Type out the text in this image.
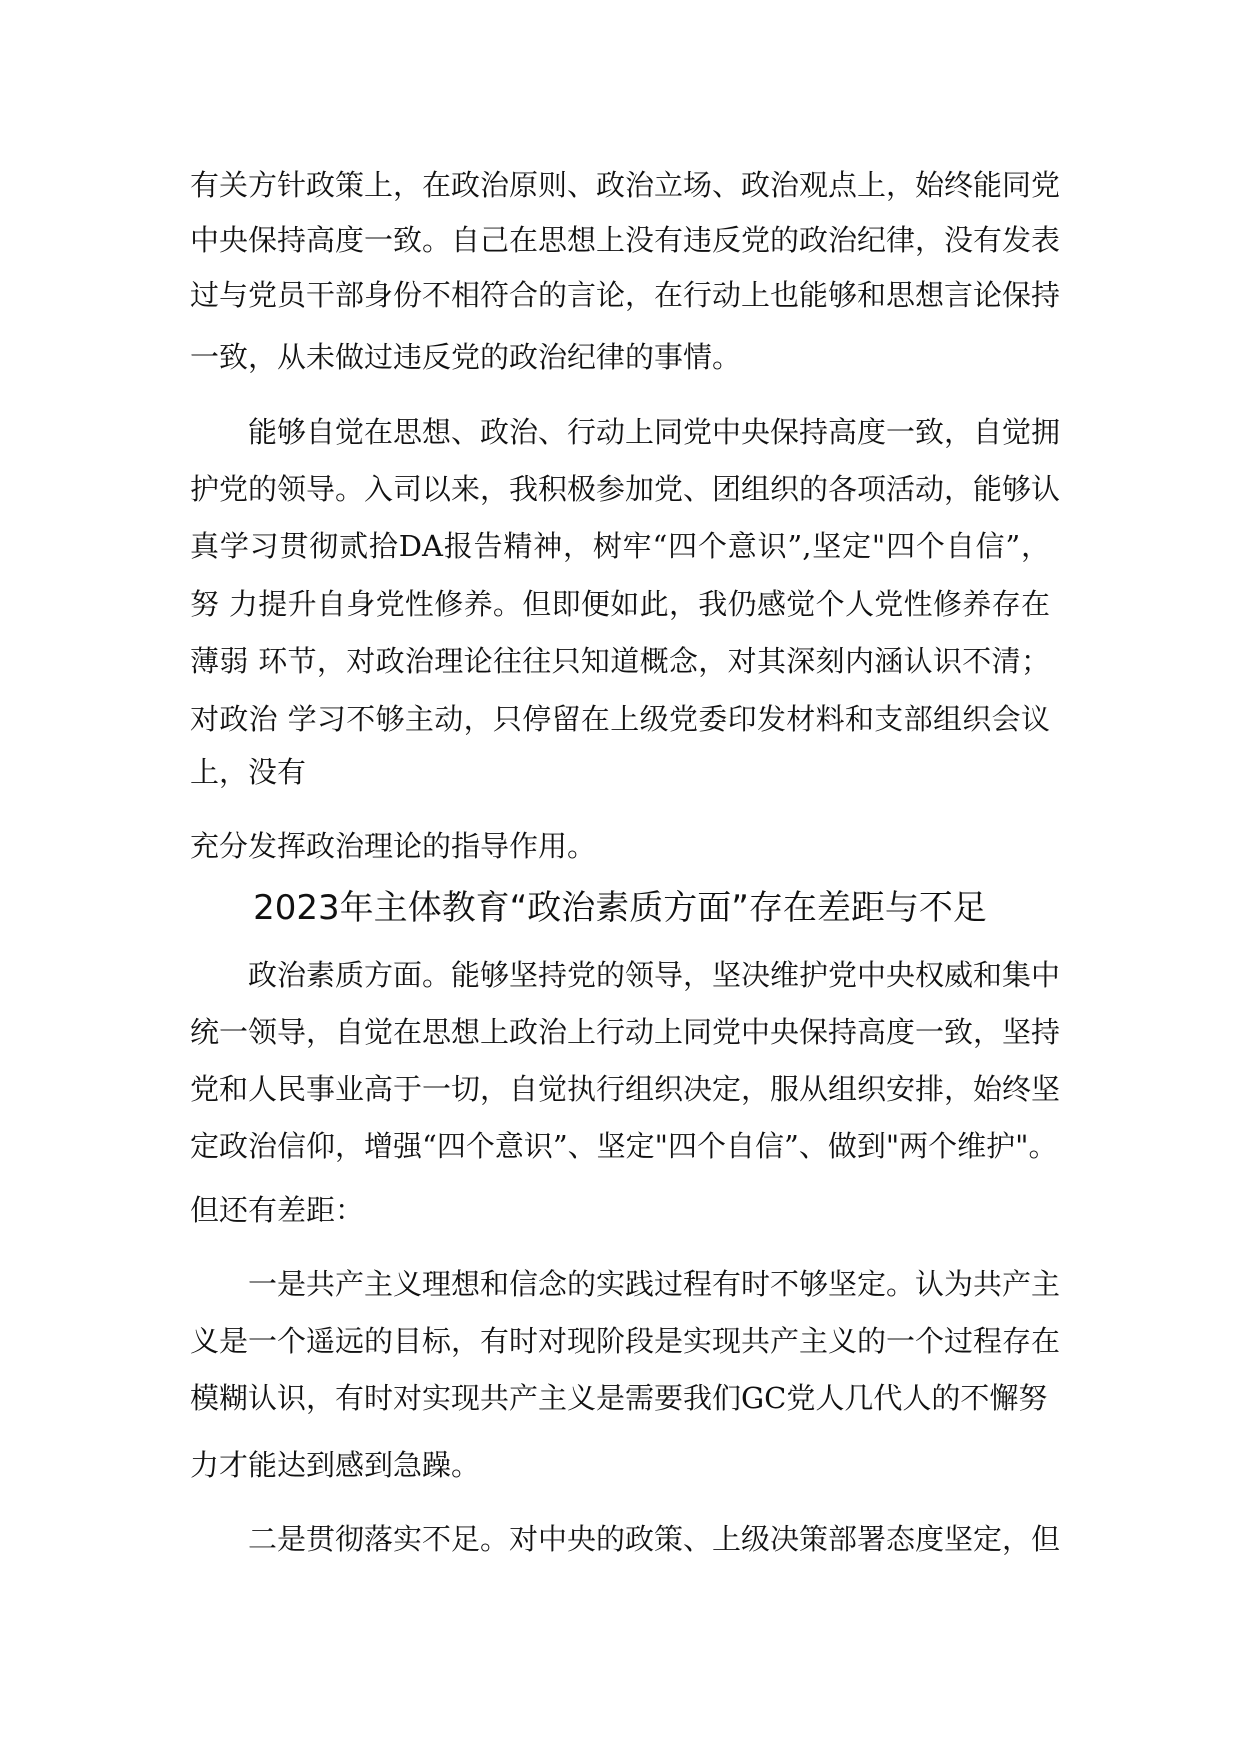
有关方针政策上，在政治原则、政治立场、政治观点上，始终能同党
中央保持高度一致。自己在思想上没有违反党的政治纪律，没有发表
过与党员干部身份不相符合的言论，在行动上也能够和思想言论保持
一致，从未做过违反党的政治纪律的事情。
能够自觉在思想、政治、行动上同党中央保持高度一致，自觉拥
护党的领导。入司以来，我积极参加党、团组织的各项活动，能够认
真学习贯彻贰拾DA报告精神，树牢“四个意识”,坚定"四个自信”，
努 力提升自身党性修养。但即便如此，我仍感觉个人党性修养存在
薄弱 环节，对政治理论往往只知道概念，对其深刻内涵认识不清；
对政治 学习不够主动，只停留在上级党委印发材料和支部组织会议
上，没有
充分发挥政治理论的指导作用。
2023年主体教育“政治素质方面”存在差距与不足
政治素质方面。能够坚持党的领导，坚决维护党中央权威和集中
统一领导，自觉在思想上政治上行动上同党中央保持高度一致，坚持
党和人民事业高于一切，自觉执行组织决定，服从组织安排，始终坚
定政治信仰，增强“四个意识”、坚定"四个自信”、做到"两个维护"。
但还有差距：
一是共产主义理想和信念的实践过程有时不够坚定。认为共产主
义是一个遥远的目标，有时对现阶段是实现共产主义的一个过程存在
模糊认识，有时对实现共产主义是需要我们GC党人几代人的不懈努
力才能达到感到急躁。
二是贯彻落实不足。对中央的政策、上级决策部署态度坚定，但
